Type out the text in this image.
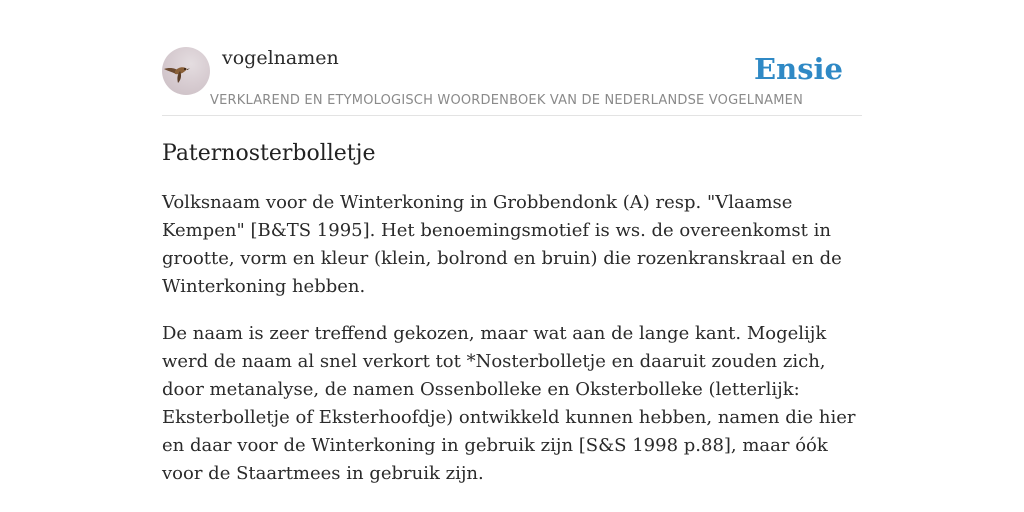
vogelnamen	Ensie

VERKLAREND EN ETYMOLOGISCH WOORDENBOEK VAN DE NEDERLANDSE VOGELNAMEN

Paternosterbolletje

Volksnaam voor de Winterkoning in Grobbendonk (A) resp. "Vlaamse Kempen" [B&TS 1995]. Het benoemingsmotief is ws. de overeenkomst in grootte, vorm en kleur (klein, bolrond en bruin) die rozenkranskraal en de Winterkoning hebben.

De naam is zeer treffend gekozen, maar wat aan de lange kant. Mogelijk werd de naam al snel verkort tot *Nosterbolletje en daaruit zouden zich, door metanalyse, de namen Ossenbolleke en Oksterbolleke (letterlijk: Eksterbolletje of Eksterhoofdje) ontwikkeld kunnen hebben, namen die hier en daar voor de Winterkoning in gebruik zijn [S&S 1998 p.88], maar óók voor de Staartmees in gebruik zijn.
